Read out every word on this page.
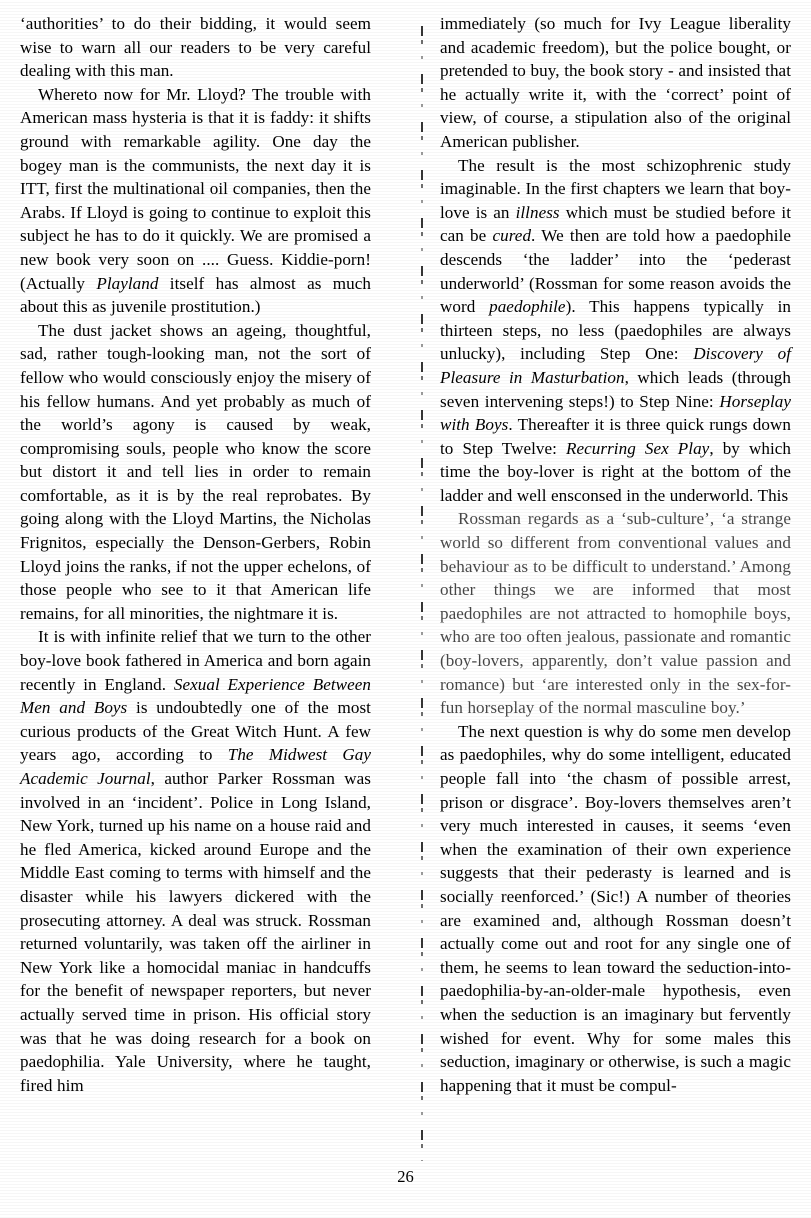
‘authorities’ to do their bidding, it would seem wise to warn all our readers to be very careful dealing with this man.

Whereto now for Mr. Lloyd? The trouble with American mass hysteria is that it is faddy: it shifts ground with remarkable agility. One day the bogey man is the communists, the next day it is ITT, first the multinational oil companies, then the Arabs. If Lloyd is going to continue to exploit this subject he has to do it quickly. We are promised a new book very soon on .... Guess. Kiddie-porn! (Actually Playland itself has almost as much about this as juvenile prostitution.)

The dust jacket shows an ageing, thoughtful, sad, rather tough-looking man, not the sort of fellow who would consciously enjoy the misery of his fellow humans. And yet probably as much of the world’s agony is caused by weak, compromising souls, people who know the score but distort it and tell lies in order to remain comfortable, as it is by the real reprobates. By going along with the Lloyd Martins, the Nicholas Frignitos, especially the Denson-Gerbers, Robin Lloyd joins the ranks, if not the upper echelons, of those people who see to it that American life remains, for all minorities, the nightmare it is.

It is with infinite relief that we turn to the other boy-love book fathered in America and born again recently in England. Sexual Experience Between Men and Boys is undoubtedly one of the most curious products of the Great Witch Hunt. A few years ago, according to The Midwest Gay Academic Journal, author Parker Rossman was involved in an ‘incident’. Police in Long Island, New York, turned up his name on a house raid and he fled America, kicked around Europe and the Middle East coming to terms with himself and the disaster while his lawyers dickered with the prosecuting attorney. A deal was struck. Rossman returned voluntarily, was taken off the airliner in New York like a homocidal maniac in handcuffs for the benefit of newspaper reporters, but never actually served time in prison. His official story was that he was doing research for a book on paedophilia. Yale University, where he taught, fired him

immediately (so much for Ivy League liberality and academic freedom), but the police bought, or pretended to buy, the book story - and insisted that he actually write it, with the ‘correct’ point of view, of course, a stipulation also of the original American publisher.

The result is the most schizophrenic study imaginable. In the first chapters we learn that boy-love is an illness which must be studied before it can be cured. We then are told how a paedophile descends ‘the ladder’ into the ‘pederast underworld’ (Rossman for some reason avoids the word paedophile). This happens typically in thirteen steps, no less (paedophiles are always unlucky), including Step One: Discovery of Pleasure in Masturbation, which leads (through seven intervening steps!) to Step Nine: Horseplay with Boys. Thereafter it is three quick rungs down to Step Twelve: Recurring Sex Play, by which time the boy-lover is right at the bottom of the ladder and well ensconsed in the underworld. This

Rossman regards as a ‘sub-culture’, ‘a strange world so different from conventional values and behaviour as to be difficult to understand.’ Among other things we are informed that most paedophiles are not attracted to homophile boys, who are too often jealous, passionate and romantic (boy-lovers, apparently, don’t value passion and romance) but ‘are interested only in the sex-for-fun horseplay of the normal masculine boy.’

The next question is why do some men develop as paedophiles, why do some intelligent, educated people fall into ‘the chasm of possible arrest, prison or disgrace’. Boy-lovers themselves aren’t very much interested in causes, it seems ‘even when the examination of their own experience suggests that their pederasty is learned and is socially reenforced.’ (Sic!) A number of theories are examined and, although Rossman doesn’t actually come out and root for any single one of them, he seems to lean toward the seduction-into-paedophilia-by-an-older-male hypothesis, even when the seduction is an imaginary but fervently wished for event. Why for some males this seduction, imaginary or otherwise, is such a magic happening that it must be compul-

26
